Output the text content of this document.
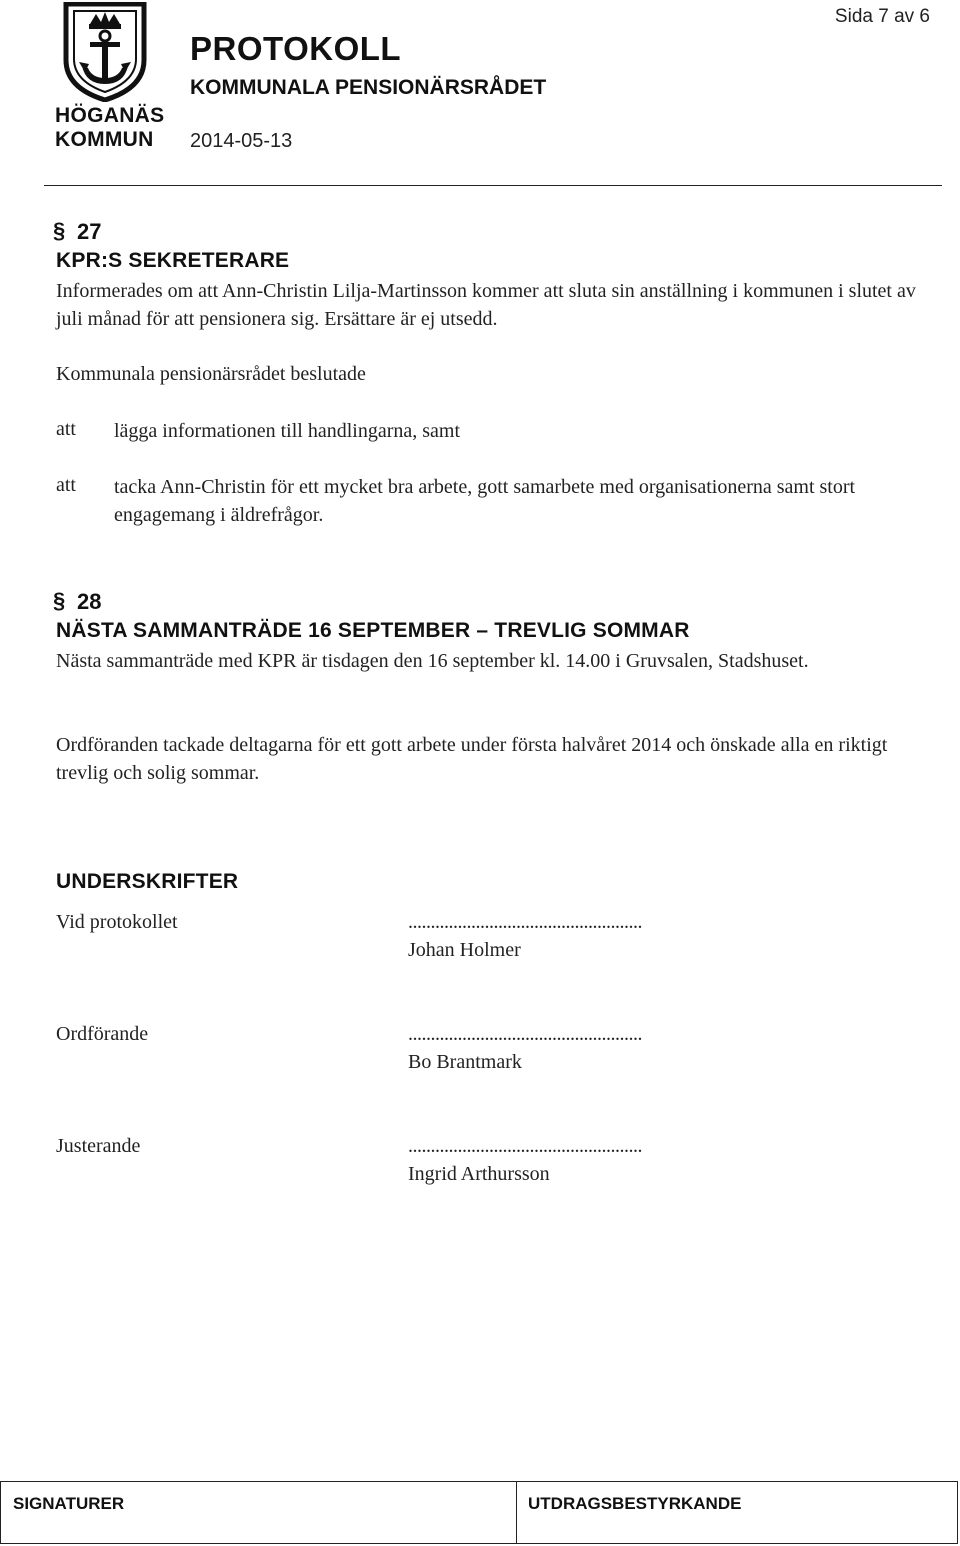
HÖGANÄS
KOMMUN
Sida 7 av 6
PROTOKOLL
KOMMUNALA PENSIONÄRSRÅDET
2014-05-13
§ 27
KPR:S SEKRETERARE
Informerades om att Ann-Christin Lilja-Martinsson kommer att sluta sin anställning i kommunen i slutet av juli månad för att pensionera sig. Ersättare är ej utsedd.
Kommunala pensionärsrådet beslutade
att lägga informationen till handlingarna, samt
att tacka Ann-Christin för ett mycket bra arbete, gott samarbete med organisationerna samt stort engagemang i äldrefrågor.
§ 28
NÄSTA SAMMANTRÄDE 16 SEPTEMBER – TREVLIG SOMMAR
Nästa sammanträde med KPR är tisdagen den 16 september kl. 14.00 i Gruvsalen, Stadshuset.
Ordföranden tackade deltagarna för ett gott arbete under första halvåret 2014 och önskade alla en riktigt trevlig och solig sommar.
UNDERSKRIFTER
Vid protokollet	....................................................
Johan Holmer
Ordförande	....................................................
Bo Brantmark
Justerande	....................................................
Ingrid Arthursson
SIGNATURER	UTDRAGSBESTYRKANDE
